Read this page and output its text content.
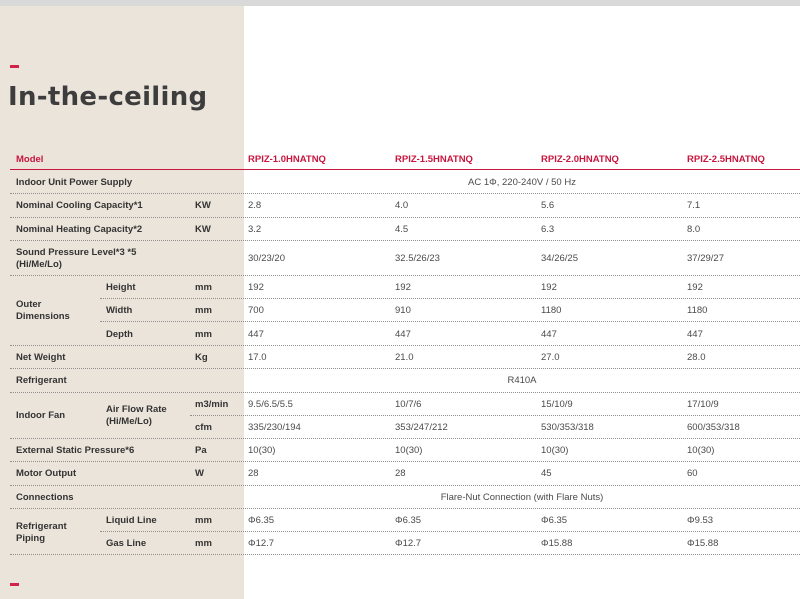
In-the-ceiling
Model	RPIZ-1.0HNATNQ	RPIZ-1.5HNATNQ	RPIZ-2.0HNATNQ	RPIZ-2.5HNATNQ
Indoor Unit Power Supply	AC 1Φ, 220-240V / 50 Hz
Nominal Cooling Capacity*1	KW	2.8	4.0	5.6	7.1
Nominal Heating Capacity*2	KW	3.2	4.5	6.3	8.0
Sound Pressure Level*3 *5
(Hi/Me/Lo)
30/23/20	32.5/26/23	34/26/25	37/29/27
Outer
Dimensions
Height	mm	192	192	192	192
Width	mm	700	910	1180	1180
Depth	mm	447	447	447	447
Net Weight	Kg	17.0	21.0	27.0	28.0
Refrigerant	R410A
Indoor Fan
Air Flow Rate
(Hi/Me/Lo)
m3/min 9.5/6.5/5.5	10/7/6	15/10/9	17/10/9
cfm	335/230/194	353/247/212	530/353/318	600/353/318
External Static Pressure*6	Pa	10(30)	10(30)	10(30)	10(30)
Motor Output	W	28	28	45	60
Connections	Flare-Nut Connection (with Flare Nuts)
Refrigerant
Piping
Liquid Line	mm	Φ6.35	Φ6.35	Φ6.35	Φ9.53
Gas Line	mm	Φ12.7	Φ12.7	Φ15.88	Φ15.88
